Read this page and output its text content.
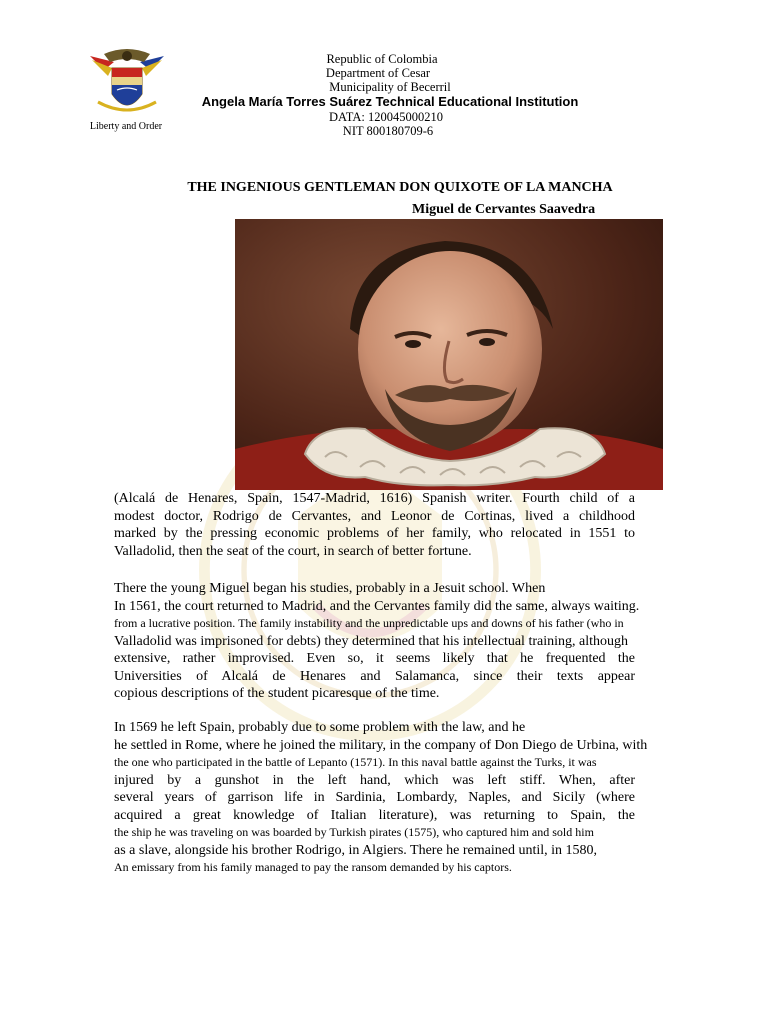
Liberty and Order
Republic of Colombia
Department of Cesar
Municipality of Becerril
Angela María Torres Suárez Technical Educational Institution
DATA: 120045000210
NIT 800180709-6
THE INGENIOUS GENTLEMAN DON QUIXOTE OF LA MANCHA
Miguel de Cervantes Saavedra
(Alcalá de Henares, Spain, 1547-Madrid, 1616) Spanish writer. Fourth child of a
modest doctor, Rodrigo de Cervantes, and Leonor de Cortinas, lived a childhood
marked by the pressing economic problems of her family, who relocated in 1551 to
Valladolid, then the seat of the court, in search of better fortune.
There the young Miguel began his studies, probably in a Jesuit school. When
In 1561, the court returned to Madrid, and the Cervantes family did the same, always waiting.
from a lucrative position. The family instability and the unpredictable ups and downs of his father (who in
Valladolid was imprisoned for debts) they determined that his intellectual training, although
extensive, rather improvised. Even so, it seems likely that he frequented the
Universities of Alcalá de Henares and Salamanca, since their texts appear
copious descriptions of the student picaresque of the time.
In 1569 he left Spain, probably due to some problem with the law, and he
he settled in Rome, where he joined the military, in the company of Don Diego de Urbina, with
the one who participated in the battle of Lepanto (1571). In this naval battle against the Turks, it was
injured by a gunshot in the left hand, which was left stiff. When, after
several years of garrison life in Sardinia, Lombardy, Naples, and Sicily (where
acquired a great knowledge of Italian literature), was returning to Spain, the
the ship he was traveling on was boarded by Turkish pirates (1575), who captured him and sold him
as a slave, alongside his brother Rodrigo, in Algiers. There he remained until, in 1580,
An emissary from his family managed to pay the ransom demanded by his captors.
